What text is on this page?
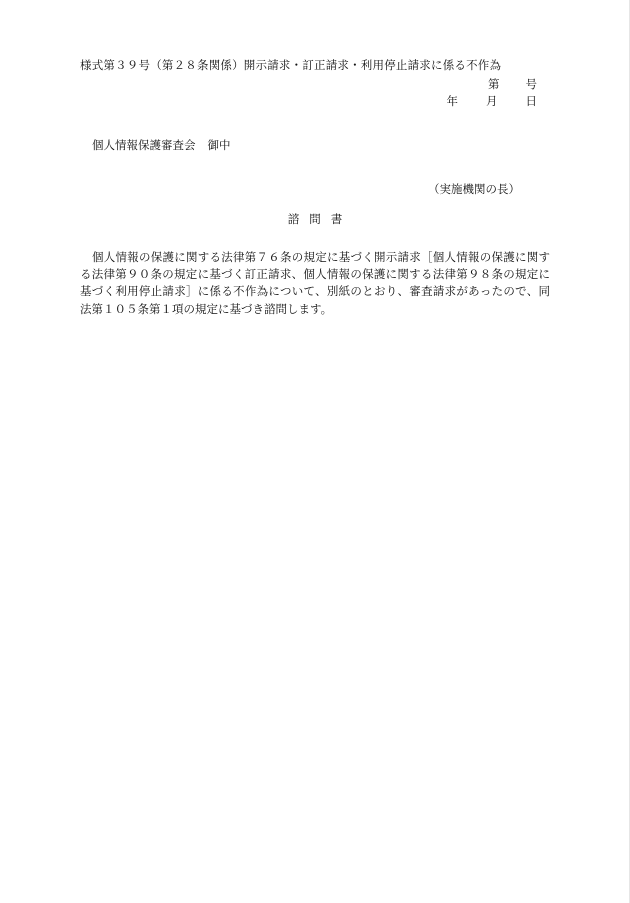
様式第３９号（第２８条関係）開示請求・訂正請求・利用停止請求に係る不作為
第 号
年 月 日
個人情報保護審査会 御中
（実施機関の長）
諮問書
個人情報の保護に関する法律第７６条の規定に基づく開示請求［個人情報の保護に関する法律第９０条の規定に基づく訂正請求、個人情報の保護に関する法律第９８条の規定に基づく利用停止請求］に係る不作為について、別紙のとおり、審査請求があったので、同法第１０５条第１項の規定に基づき諮問します。
